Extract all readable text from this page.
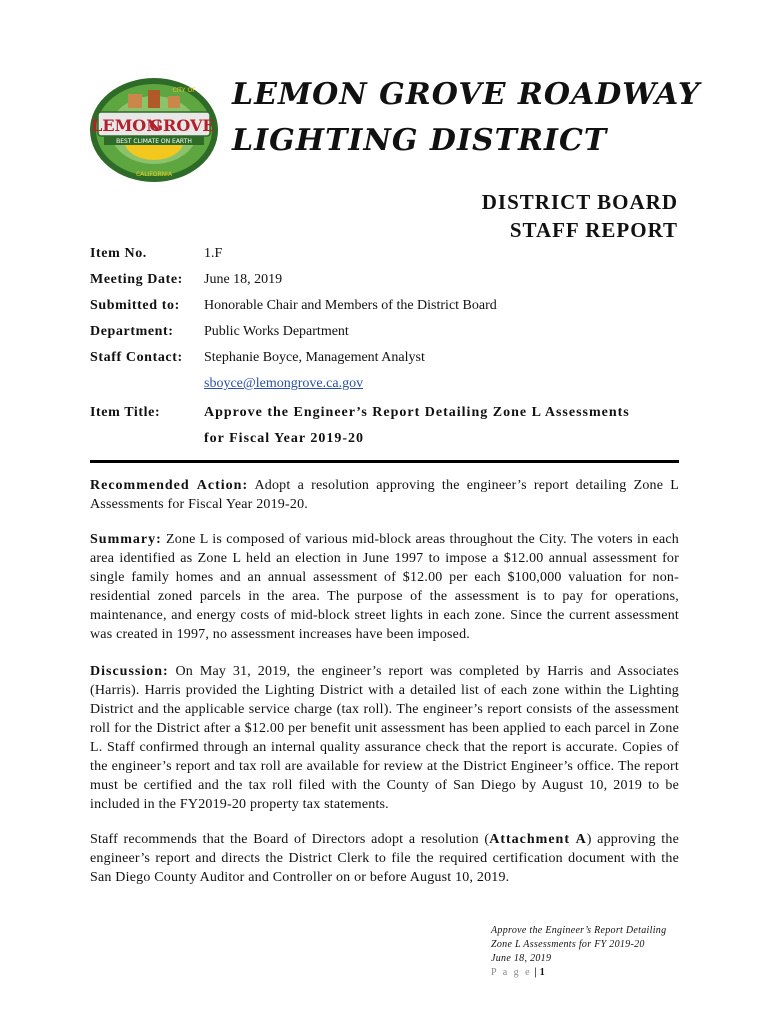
LEMON
GROVE
BEST CLIMATE ON EARTH
CITY OF
CALIFORNIA
LEMON GROVE ROADWAY
LIGHTING DISTRICT
DISTRICT BOARD
STAFF REPORT
Item No.	1.F
Meeting Date: June 18, 2019
Submitted to: Honorable Chair and Members of the District Board
Department: Public Works Department
Staff Contact: Stephanie Boyce, Management Analyst
sboyce@lemongrove.ca.gov
Item Title:	Approve the Engineer’s Report Detailing Zone L Assessments
for Fiscal Year 2019-20
Recommended Action: Adopt a resolution approving the engineer’s report detailing Zone L Assessments for Fiscal Year 2019-20.
Summary: Zone L is composed of various mid-block areas throughout the City. The voters in each area identified as Zone L held an election in June 1997 to impose a $12.00 annual assessment for single family homes and an annual assessment of $12.00 per each $100,000 valuation for non-residential zoned parcels in the area. The purpose of the assessment is to pay for operations, maintenance, and energy costs of mid-block street lights in each zone. Since the current assessment was created in 1997, no assessment increases have been imposed.
Discussion: On May 31, 2019, the engineer’s report was completed by Harris and Associates (Harris). Harris provided the Lighting District with a detailed list of each zone within the Lighting District and the applicable service charge (tax roll). The engineer’s report consists of the assessment roll for the District after a $12.00 per benefit unit assessment has been applied to each parcel in Zone L. Staff confirmed through an internal quality assurance check that the report is accurate. Copies of the engineer’s report and tax roll are available for review at the District Engineer’s office. The report must be certified and the tax roll filed with the County of San Diego by August 10, 2019 to be included in the FY2019-20 property tax statements.
Staff recommends that the Board of Directors adopt a resolution (Attachment A) approving the engineer’s report and directs the District Clerk to file the required certification document with the San Diego County Auditor and Controller on or before August 10, 2019.
Approve the Engineer’s Report Detailing
Zone L Assessments for FY 2019-20
June 18, 2019
P a g e | 1
